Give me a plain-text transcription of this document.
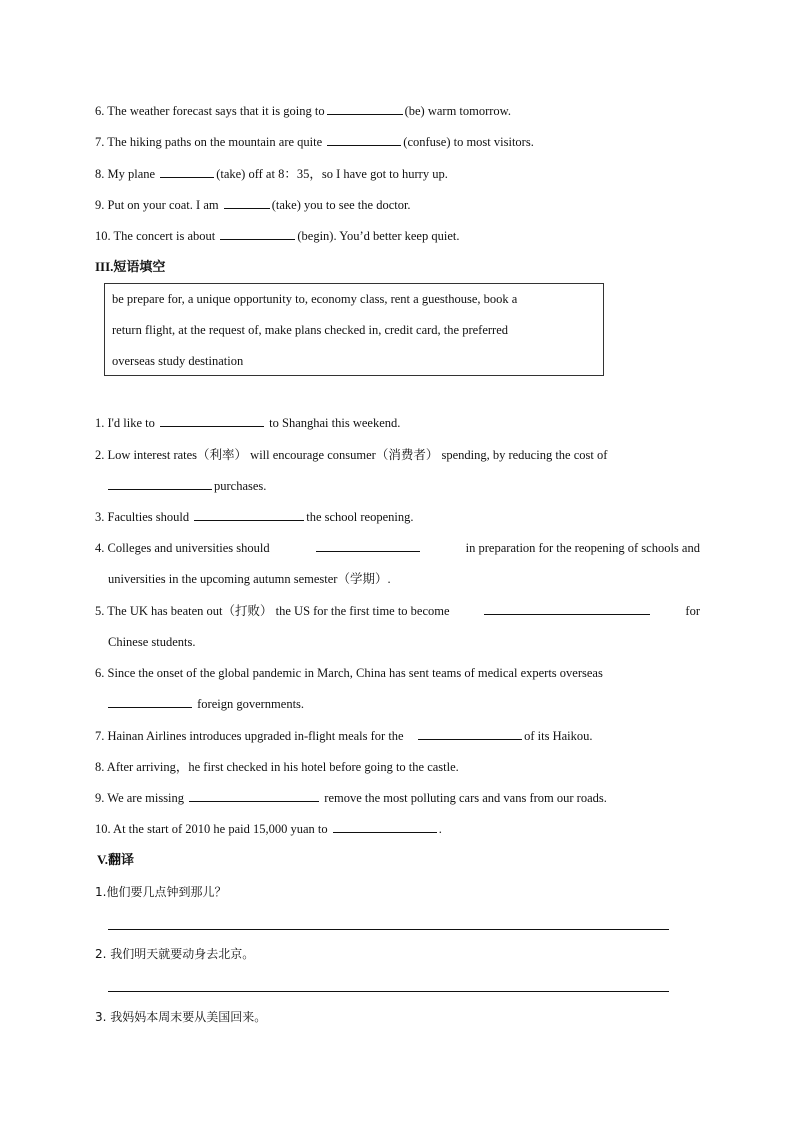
6. The weather forecast says that it is going to	(be) warm tomorrow.
7. The hiking paths on the mountain are quite	(confuse) to most visitors.
8. My plane	(take) off at 8：35，so I have got to hurry up.
9. Put on your coat. I am	(take) you to see the doctor.
10. The concert is about	(begin). You’d better keep quiet.
III.短语填空
be prepare for, a unique opportunity to, economy class, rent a guesthouse, book a
return flight, at the request of, make plans checked in, credit card, the preferred
overseas study destination
1. I'd like to	to Shanghai this weekend.
2. Low interest rates（利率） will encourage consumer（消费者） spending, by reducing the cost of
purchases.
3. Faculties should	the school reopening.
4. Colleges and universities should	in preparation for the reopening of schools and
universities in the upcoming autumn semester（学期）.
5. The UK has beaten out（打败） the US for the first time to become	for
Chinese students.
6. Since the onset of the global pandemic in March, China has sent teams of medical experts overseas
foreign governments.
7. Hainan Airlines introduces upgraded in-flight meals for the	of its Haikou.
8. After arriving，he first checked in his hotel before going to the castle.
9. We are missing	remove the most polluting cars and vans from our roads.
10. At the start of 2010 he paid 15,000 yuan to	.
V.翻译
1.他们要几点钟到那儿？
2. 我们明天就要动身去北京。
3. 我妈妈本周末要从美国回来。
